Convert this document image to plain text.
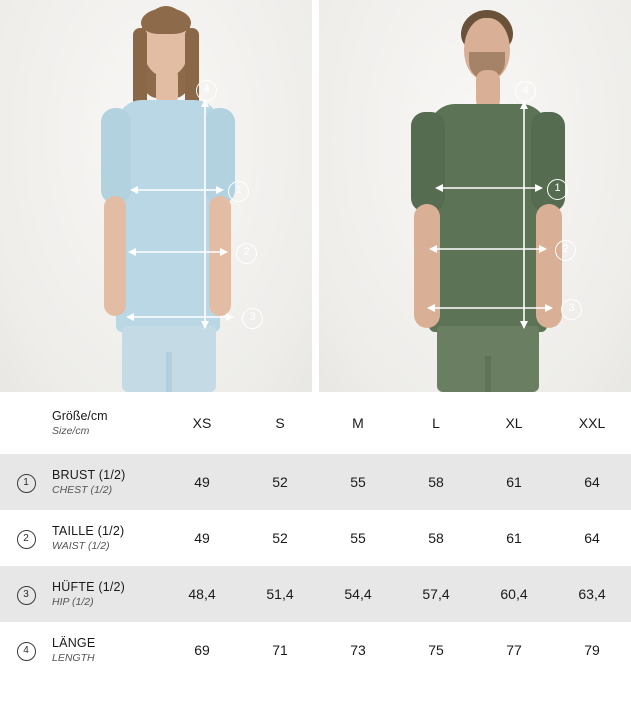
4
1
2
3
4
1
2
3

	Größe/cm
Size/cm	XS	S	M	L	XL	XXL
1	BRUST (1/2)
CHEST (1/2)	49	52	55	58	61	64
2	TAILLE (1/2)
WAIST (1/2)	49	52	55	58	61	64
3	HÜFTE (1/2)
HIP (1/2)	48,4	51,4	54,4	57,4	60,4	63,4
4	LÄNGE
LENGTH	69	71	73	75	77	79
